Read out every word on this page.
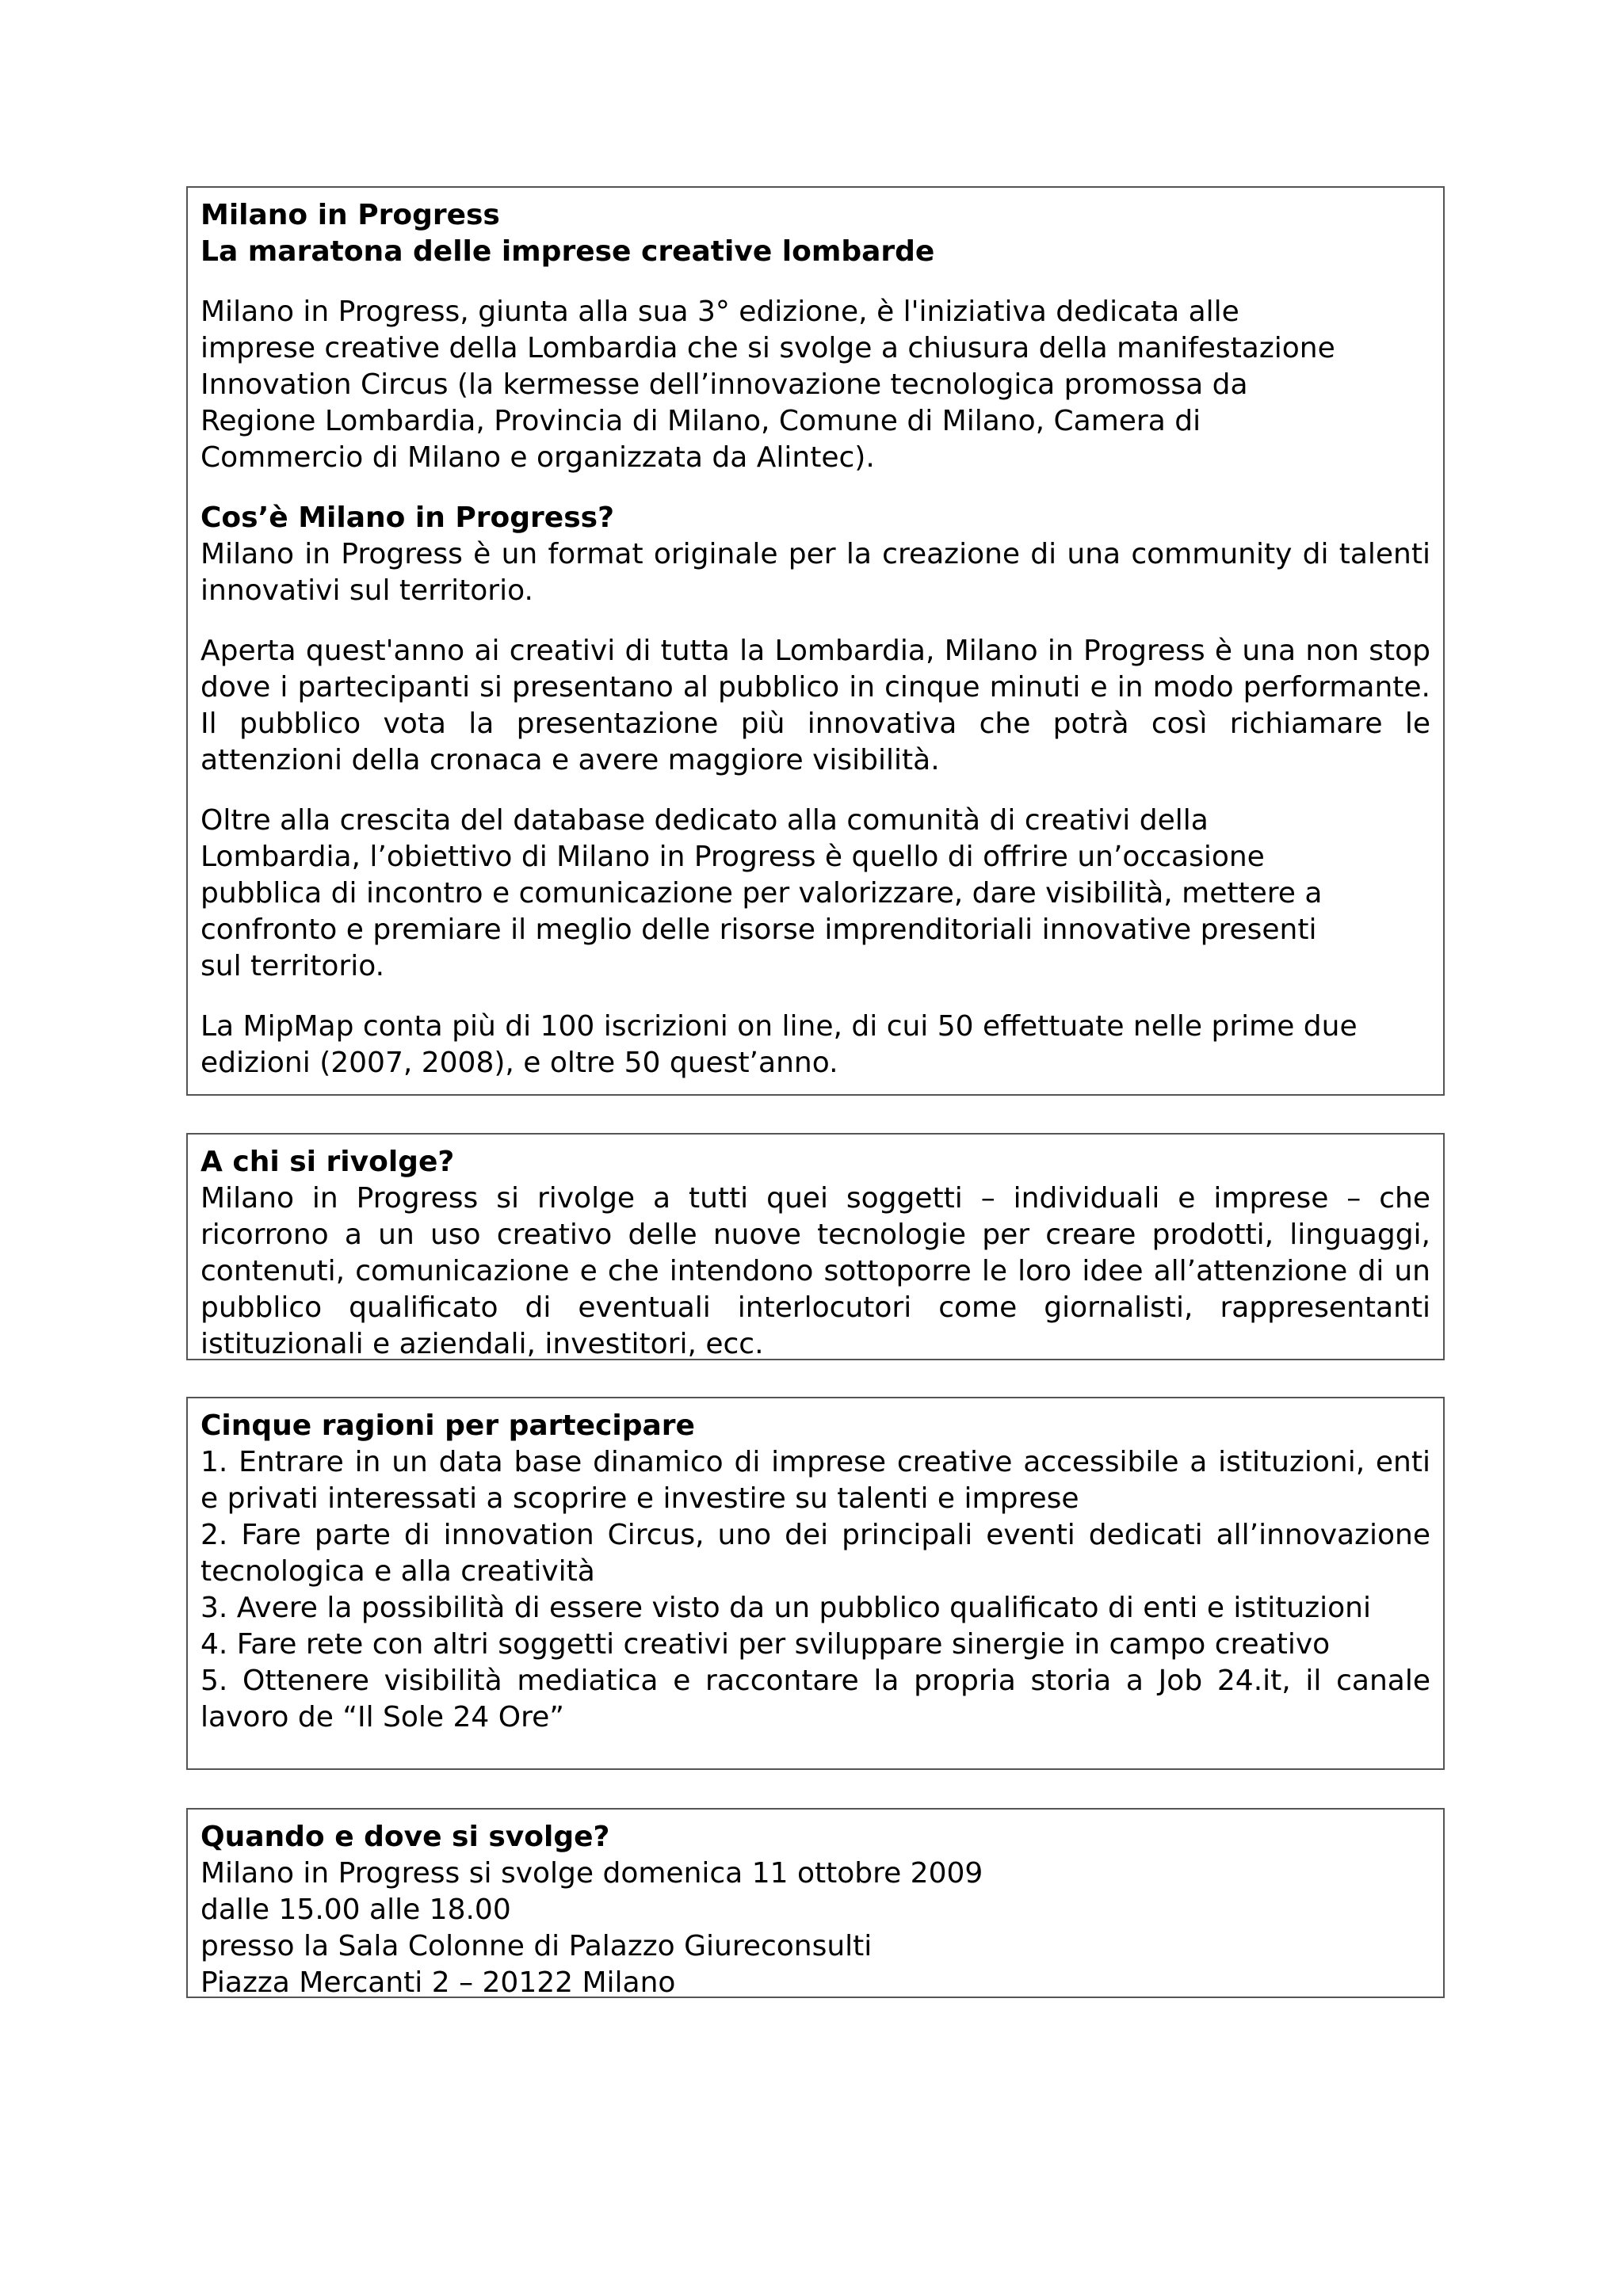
Milano in Progress
La maratona delle imprese creative lombarde
Milano in Progress, giunta alla sua 3° edizione, è l'iniziativa dedicata alle
imprese creative della Lombardia che si svolge a chiusura della manifestazione
Innovation Circus (la kermesse dell’innovazione tecnologica promossa da
Regione Lombardia, Provincia di Milano, Comune di Milano, Camera di
Commercio di Milano e organizzata da Alintec).
Cos’è Milano in Progress?
Milano in Progress è un format originale per la creazione di una community di talenti innovativi sul territorio.
Aperta quest'anno ai creativi di tutta la Lombardia, Milano in Progress è una non stop dove i partecipanti si presentano al pubblico in cinque minuti e in modo performante. Il pubblico vota la presentazione più innovativa che potrà così richiamare le attenzioni della cronaca e avere maggiore visibilità.
Oltre alla crescita del database dedicato alla comunità di creativi della
Lombardia, l’obiettivo di Milano in Progress è quello di offrire un’occasione
pubblica di incontro e comunicazione per valorizzare, dare visibilità, mettere a
confronto e premiare il meglio delle risorse imprenditoriali innovative presenti
sul territorio.
La MipMap conta più di 100 iscrizioni on line, di cui 50 effettuate nelle prime due
edizioni (2007, 2008), e oltre 50 quest’anno.
A chi si rivolge?
Milano in Progress si rivolge a tutti quei soggetti – individuali e imprese – che ricorrono a un uso creativo delle nuove tecnologie per creare prodotti, linguaggi, contenuti, comunicazione e che intendono sottoporre le loro idee all’attenzione di un pubblico qualificato di eventuali interlocutori come giornalisti, rappresentanti istituzionali e aziendali, investitori, ecc.
Cinque ragioni per partecipare
1. Entrare in un data base dinamico di imprese creative accessibile a istituzioni, enti e privati interessati a scoprire e investire su talenti e imprese
2. Fare parte di innovation Circus, uno dei principali eventi dedicati all’innovazione tecnologica e alla creatività
3. Avere la possibilità di essere visto da un pubblico qualificato di enti e istituzioni
4. Fare rete con altri soggetti creativi per sviluppare sinergie in campo creativo
5. Ottenere visibilità mediatica e raccontare la propria storia a Job 24.it, il canale lavoro de “Il Sole 24 Ore”
Quando e dove si svolge?
Milano in Progress si svolge domenica 11 ottobre 2009
dalle 15.00 alle 18.00
presso la Sala Colonne di Palazzo Giureconsulti
Piazza Mercanti 2 – 20122 Milano
